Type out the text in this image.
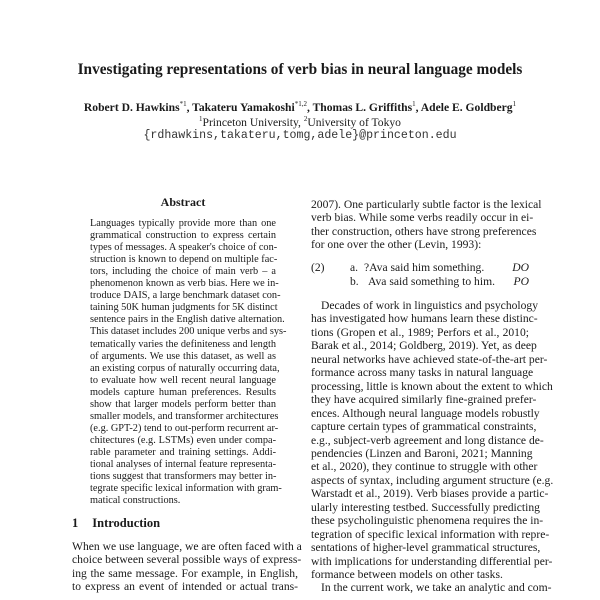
Investigating representations of verb bias in neural language models
Robert D. Hawkins$^{*1}$, Takateru Yamakoshi$^{*1,2}$, Thomas L. Griffiths$^1$, Adele E. Goldberg$^1$
$^1$Princeton University, $^2$University of Tokyo
{rdhawkins,takateru,tomg,adele}@princeton.edu
Abstract
Languages typically provide more than one
grammatical construction to express certain
types of messages. A speaker's choice of con-
struction is known to depend on multiple fac-
tors, including the choice of main verb – a
phenomenon known as verb bias. Here we in-
troduce DAIS, a large benchmark dataset con-
taining 50K human judgments for 5K distinct
sentence pairs in the English dative alternation.
This dataset includes 200 unique verbs and sys-
tematically varies the definiteness and length
of arguments. We use this dataset, as well as
an existing corpus of naturally occurring data,
to evaluate how well recent neural language
models capture human preferences. Results
show that larger models perform better than
smaller models, and transformer architectures
(e.g. GPT-2) tend to out-perform recurrent ar-
chitectures (e.g. LSTMs) even under compa-
rable parameter and training settings. Addi-
tional analyses of internal feature representa-
tions suggest that transformers may better in-
tegrate specific lexical information with gram-
matical constructions.
1 Introduction
When we use language, we are often faced with a
choice between several possible ways of express-
ing the same message. For example, in English,
to express an event of intended or actual trans-
2007). One particularly subtle factor is the lexical
verb bias. While some verbs readily occur in ei-
ther construction, others have strong preferences
for one over the other (Levin, 1993):
Decades of work in linguistics and psychology
has investigated how humans learn these distinc-
tions (Gropen et al., 1989; Perfors et al., 2010;
Barak et al., 2014; Goldberg, 2019). Yet, as deep
neural networks have achieved state-of-the-art per-
formance across many tasks in natural language
processing, little is known about the extent to which
they have acquired similarly fine-grained prefer-
ences. Although neural language models robustly
capture certain types of grammatical constraints,
e.g., subject-verb agreement and long distance de-
pendencies (Linzen and Baroni, 2021; Manning
et al., 2020), they continue to struggle with other
aspects of syntax, including argument structure (e.g.
Warstadt et al., 2019). Verb biases provide a partic-
ularly interesting testbed. Successfully predicting
these psycholinguistic phenomena requires the in-
tegration of specific lexical information with repre-
sentations of higher-level grammatical structures,
with implications for understanding differential per-
formance between models on other tasks.
In the current work, we take an analytic and com-
(2) a. ?Ava said him something. DO
b. Ava said something to him. PO
